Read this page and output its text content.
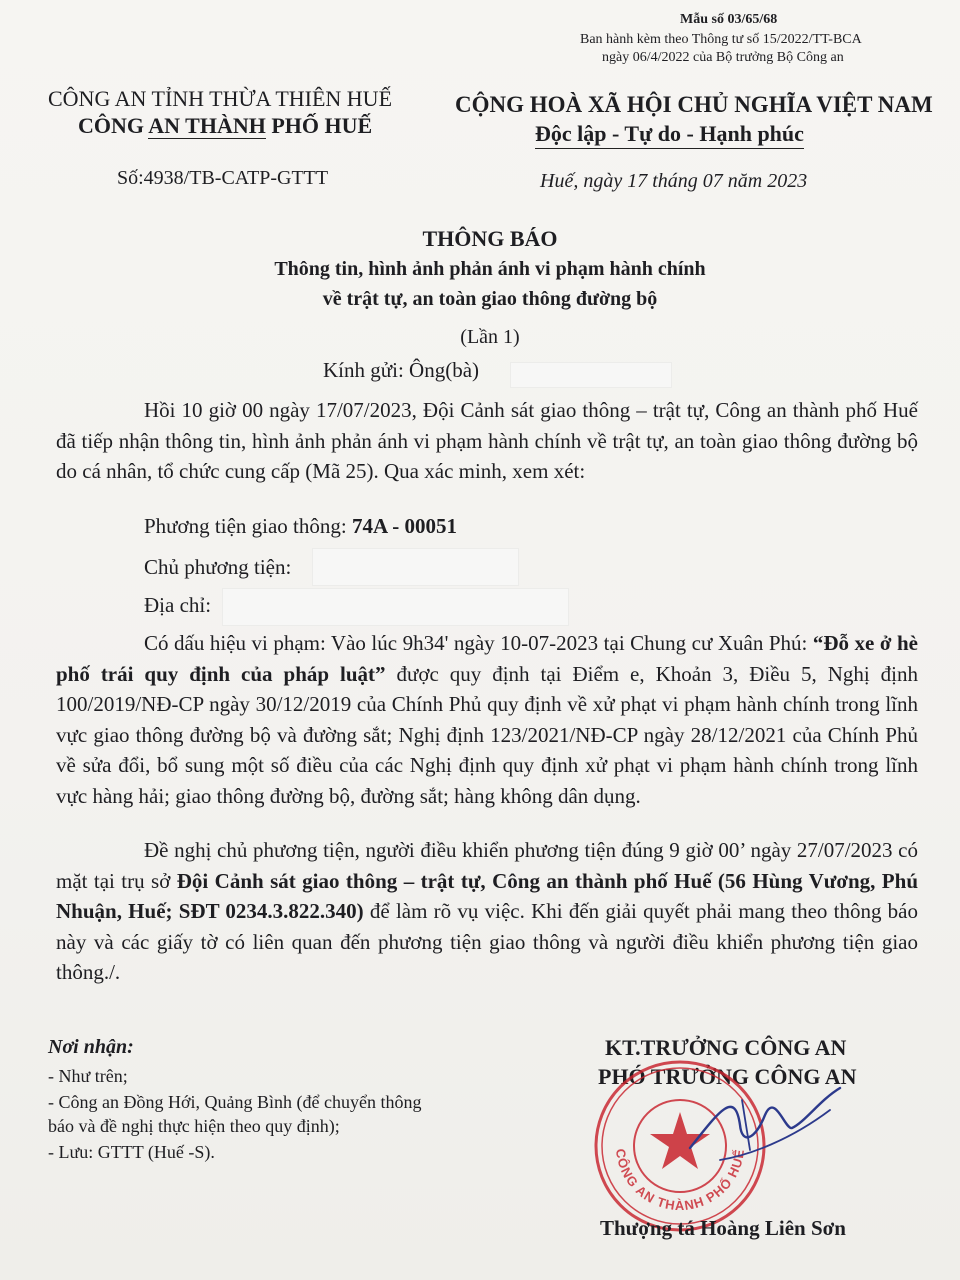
Mẫu số 03/65/68
Ban hành kèm theo Thông tư số 15/2022/TT-BCA
ngày 06/4/2022 của Bộ trưởng Bộ Công an
CÔNG AN TỈNH THỪA THIÊN HUẾ
CÔNG AN THÀNH PHỐ HUẾ
CỘNG HOÀ XÃ HỘI CHỦ NGHĨA VIỆT NAM
Độc lập - Tự do - Hạnh phúc
Số:4938/TB-CATP-GTTT	Huế, ngày 17 tháng 07 năm 2023
THÔNG BÁO
Thông tin, hình ảnh phản ánh vi phạm hành chính
về trật tự, an toàn giao thông đường bộ
(Lần 1)
Kính gửi: Ông(bà)
Hồi 10 giờ 00 ngày 17/07/2023, Đội Cảnh sát giao thông – trật tự, Công an thành phố Huế đã tiếp nhận thông tin, hình ảnh phản ánh vi phạm hành chính về trật tự, an toàn giao thông đường bộ do cá nhân, tổ chức cung cấp (Mã 25). Qua xác minh, xem xét:
Phương tiện giao thông: 74A - 00051
Chủ phương tiện:
Địa chỉ:
Có dấu hiệu vi phạm: Vào lúc 9h34' ngày 10-07-2023 tại Chung cư Xuân Phú: “Đỗ xe ở hè phố trái quy định của pháp luật” được quy định tại Điểm e, Khoản 3, Điều 5, Nghị định 100/2019/NĐ-CP ngày 30/12/2019 của Chính Phủ quy định về xử phạt vi phạm hành chính trong lĩnh vực giao thông đường bộ và đường sắt; Nghị định 123/2021/NĐ-CP ngày 28/12/2021 của Chính Phủ về sửa đổi, bổ sung một số điều của các Nghị định quy định xử phạt vi phạm hành chính trong lĩnh vực hàng hải; giao thông đường bộ, đường sắt; hàng không dân dụng.
Đề nghị chủ phương tiện, người điều khiển phương tiện đúng 9 giờ 00’ ngày 27/07/2023 có mặt tại trụ sở Đội Cảnh sát giao thông – trật tự, Công an thành phố Huế (56 Hùng Vương, Phú Nhuận, Huế; SĐT 0234.3.822.340) để làm rõ vụ việc. Khi đến giải quyết phải mang theo thông báo này và các giấy tờ có liên quan đến phương tiện giao thông và người điều khiển phương tiện giao thông./.
Nơi nhận:
- Như trên;
- Công an Đồng Hới, Quảng Bình (để chuyển thông
báo và đề nghị thực hiện theo quy định);
- Lưu: GTTT (Huế -S).
KT.TRƯỞNG CÔNG AN
PHÓ TRƯỞNG CÔNG AN
CÔNG AN THÀNH PHỐ HUẾ
Thượng tá Hoàng Liên Sơn
